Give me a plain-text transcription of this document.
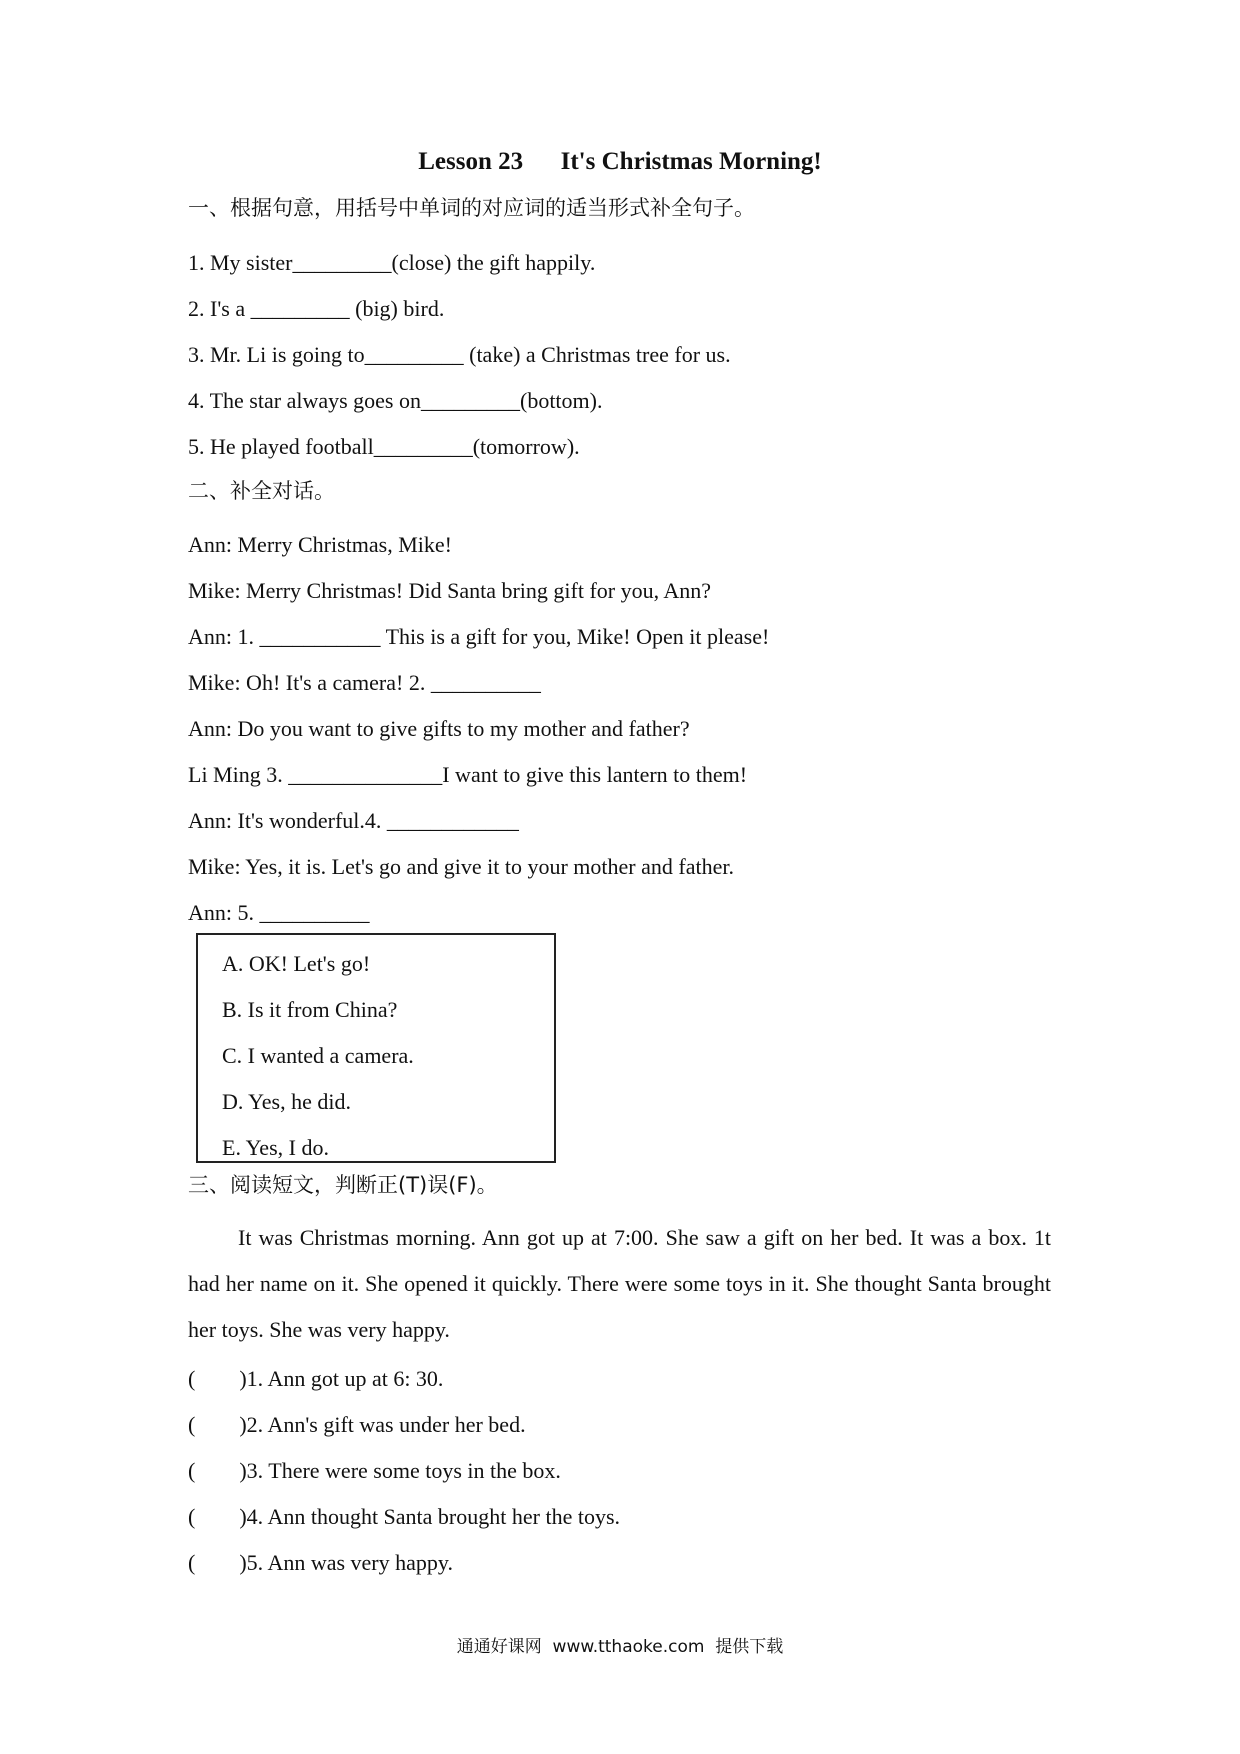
Lesson 23      It's Christmas Morning!
一、根据句意，用括号中单词的对应词的适当形式补全句子。
1. My sister_________(close) the gift happily.
2. I's a _________ (big) bird.
3. Mr. Li is going to_________ (take) a Christmas tree for us.
4. The star always goes on_________(bottom).
5. He played football_________(tomorrow).
二、补全对话。
Ann: Merry Christmas, Mike!
Mike: Merry Christmas! Did Santa bring gift for you, Ann?
Ann: 1. ___________ This is a gift for you, Mike! Open it please!
Mike: Oh! It's a camera! 2. __________
Ann: Do you want to give gifts to my mother and father?
Li Ming 3. ______________I want to give this lantern to them!
Ann: It's wonderful.4. ____________
Mike: Yes, it is. Let's go and give it to your mother and father.
Ann: 5. __________
A. OK! Let's go!
B. Is it from China?
C. I wanted a camera.
D. Yes, he did.
E. Yes, I do.
三、阅读短文，判断正(T)误(F)。
It was Christmas morning. Ann got up at 7:00. She saw a gift on her bed. It was a box. 1t had her name on it. She opened it quickly. There were some toys in it. She thought Santa brought her toys. She was very happy.
(        )1. Ann got up at 6: 30.
(        )2. Ann's gift was under her bed.
(        )3. There were some toys in the box.
(        )4. Ann thought Santa brought her the toys.
(        )5. Ann was very happy.
通通好课网  www.tthaoke.com  提供下载
